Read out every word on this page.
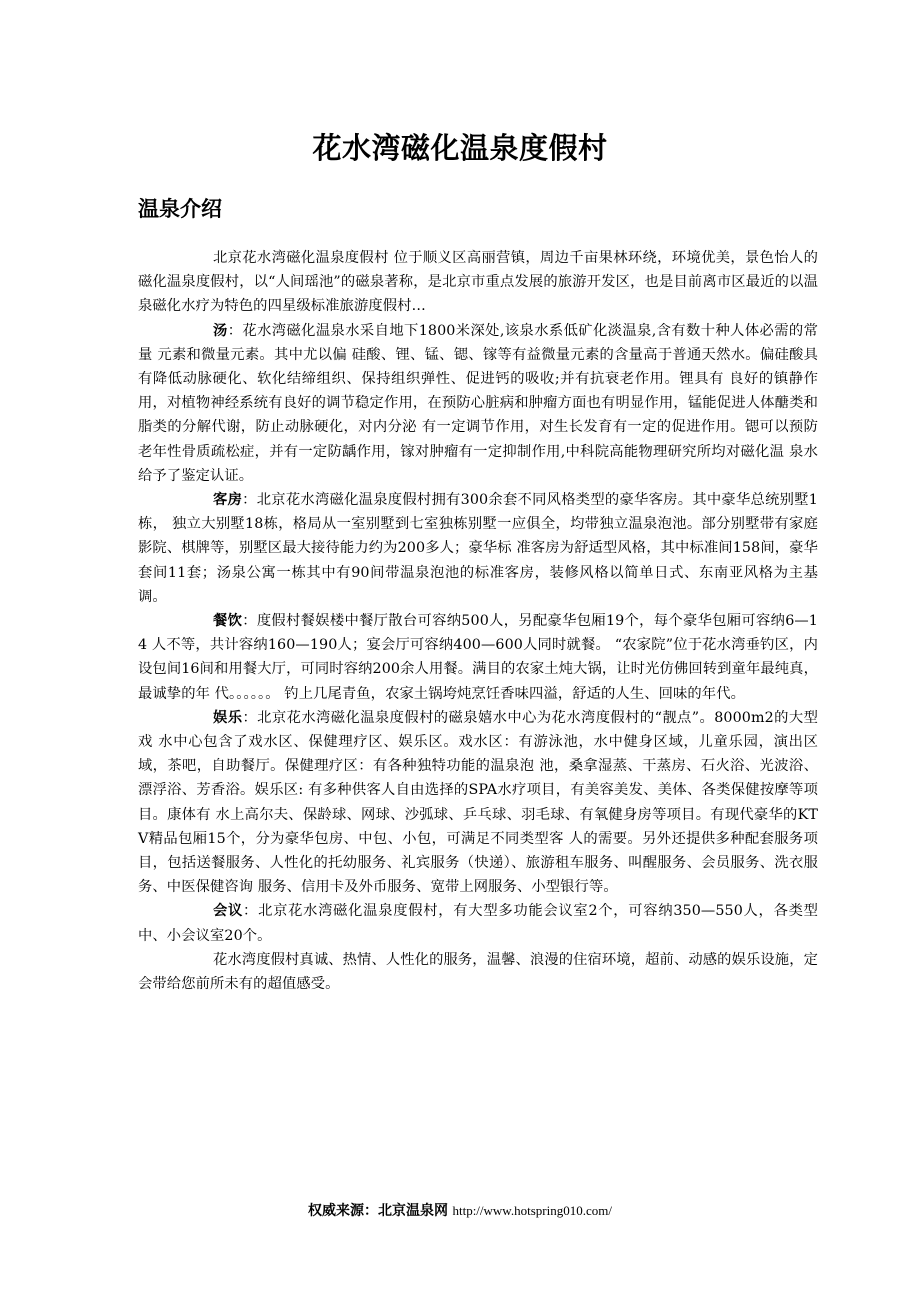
花水湾磁化温泉度假村
温泉介绍

北京花水湾磁化温泉度假村 位于顺义区高丽营镇，周边千亩果林环绕，环境优美，景色怡人的磁化温泉度假村，以“人间瑶池”的磁泉著称，是北京市重点发展的旅游开发区，也是目前离市区最近的以温泉磁化水疗为特色的四星级标准旅游度假村…

汤：花水湾磁化温泉水采自地下1800米深处,该泉水系低矿化淡温泉,含有数十种人体必需的常量 元素和微量元素。其中尤以偏 硅酸、锂、锰、锶、镓等有益微量元素的含量高于普通天然水。偏硅酸具有降低动脉硬化、软化结缔组织、保持组织弹性、促进钙的吸收;并有抗衰老作用。锂具有 良好的镇静作用，对植物神经系统有良好的调节稳定作用，在预防心脏病和肿瘤方面也有明显作用，锰能促进人体醣类和脂类的分解代谢，防止动脉硬化，对内分泌 有一定调节作用，对生长发育有一定的促进作用。锶可以预防老年性骨质疏松症，并有一定防龋作用，镓对肿瘤有一定抑制作用,中科院高能物理研究所均对磁化温 泉水给予了鉴定认证。

客房：北京花水湾磁化温泉度假村拥有300余套不同风格类型的豪华客房。其中豪华总统别墅1栋， 独立大别墅18栋，格局从一室别墅到七室独栋别墅一应俱全，均带独立温泉泡池。部分别墅带有家庭影院、棋牌等，别墅区最大接待能力约为200多人；豪华标 准客房为舒适型风格，其中标准间158间，豪华套间11套；汤泉公寓一栋其中有90间带温泉泡池的标准客房，装修风格以简单日式、东南亚风格为主基调。

餐饮：度假村餐娱楼中餐厅散台可容纳500人，另配豪华包厢19个，每个豪华包厢可容纳6—14 人不等，共计容纳160—190人；宴会厅可容纳400—600人同时就餐。 “农家院”位于花水湾垂钓区，内设包间16间和用餐大厅，可同时容纳200余人用餐。满目的农家土炖大锅，让时光仿佛回转到童年最纯真，最诚挚的年 代。。。。。。 钓上几尾青鱼，农家土锅垮炖烹饪香味四溢，舒适的人生、回味的年代。

娱乐：北京花水湾磁化温泉度假村的磁泉嬉水中心为花水湾度假村的“靓点”。8000m2的大型戏 水中心包含了戏水区、保健理疗区、娱乐区。戏水区：有游泳池，水中健身区域，儿童乐园，演出区域，茶吧，自助餐厅。保健理疗区：有各种独特功能的温泉泡 池，桑拿湿蒸、干蒸房、石火浴、光波浴、漂浮浴、芳香浴。娱乐区: 有多种供客人自由选择的SPA水疗项目，有美容美发、美体、各类保健按摩等项目。康体有 水上高尔夫、保龄球、网球、沙弧球、乒乓球、羽毛球、有氧健身房等项目。有现代豪华的KTV精品包厢15个，分为豪华包房、中包、小包，可满足不同类型客 人的需要。另外还提供多种配套服务项目，包括送餐服务、人性化的托幼服务、礼宾服务（快递）、旅游租车服务、叫醒服务、会员服务、洗衣服务、中医保健咨询 服务、信用卡及外币服务、宽带上网服务、小型银行等。

会议：北京花水湾磁化温泉度假村，有大型多功能会议室2个，可容纳350—550人，各类型中、小会议室20个。

花水湾度假村真诚、热情、人性化的服务，温馨、浪漫的住宿环境，超前、动感的娱乐设施，定会带给您前所未有的超值感受。

权威来源：北京温泉网 http://www.hotspring010.com/
